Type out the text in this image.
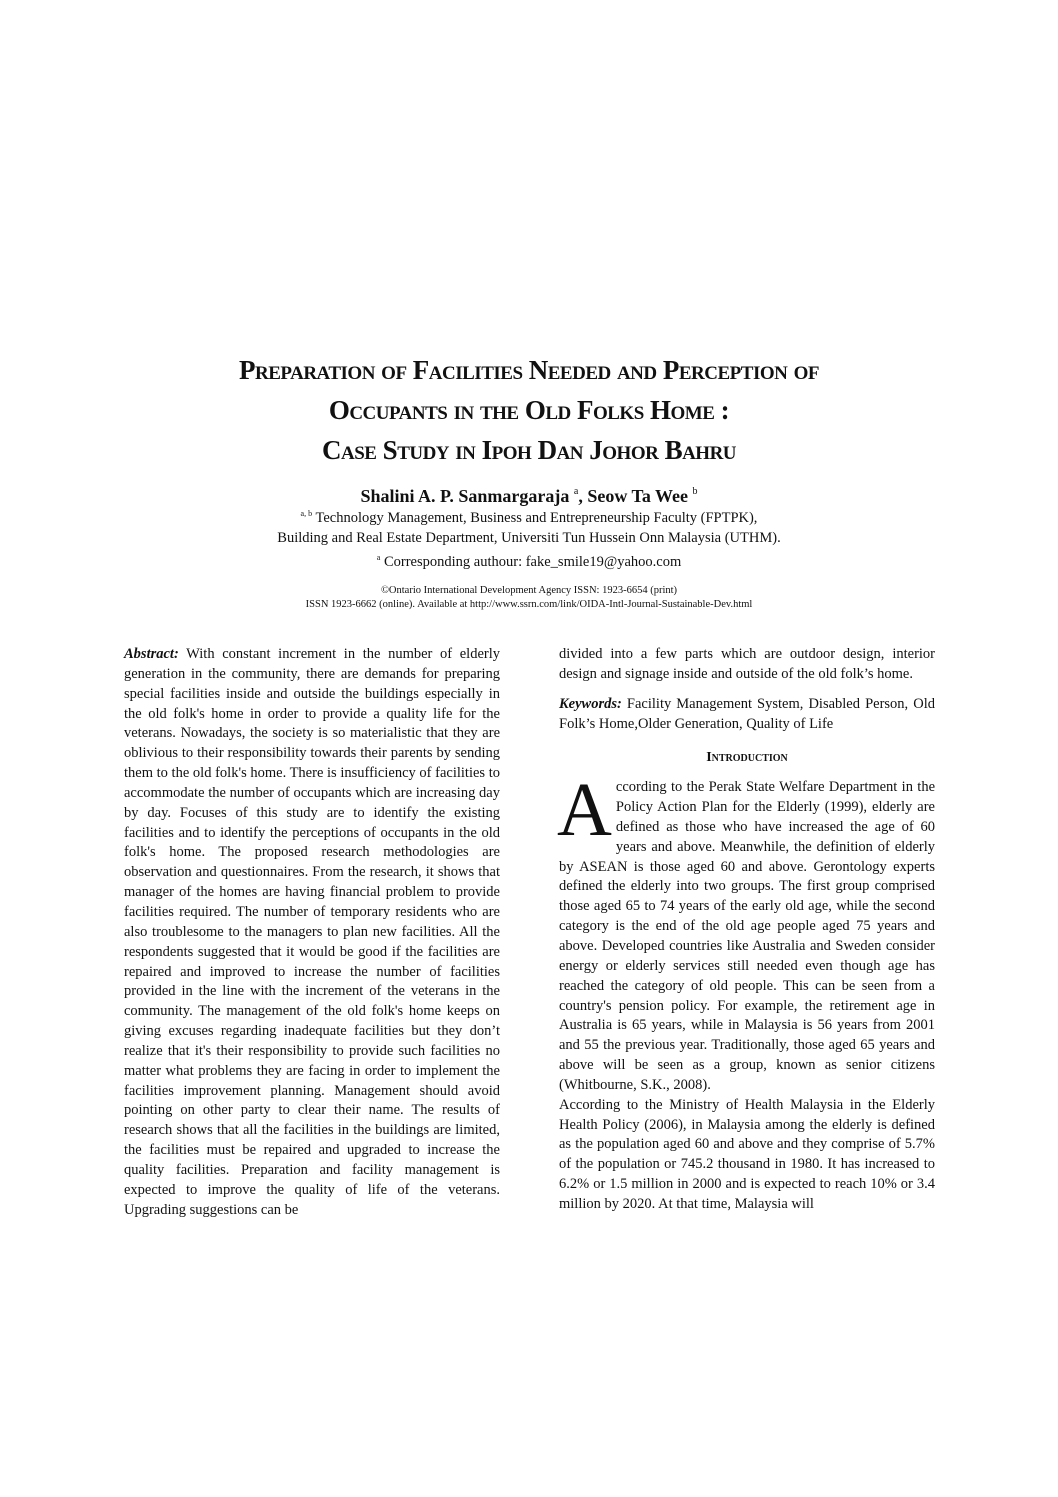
Preparation of Facilities Needed and Perception of
Occupants in the Old Folks Home :
Case Study in Ipoh Dan Johor Bahru
Shalini A. P. Sanmargaraja $^a$, Seow Ta Wee $^b$
$^{a, b}$ Technology Management, Business and Entrepreneurship Faculty (FPTPK),
Building and Real Estate Department, Universiti Tun Hussein Onn Malaysia (UTHM).
$^a$ Corresponding authour: fake_smile19@yahoo.com
©Ontario International Development Agency ISSN: 1923-6654 (print)
ISSN 1923-6662 (online). Available at http://www.ssrn.com/link/OIDA-Intl-Journal-Sustainable-Dev.html

Abstract: With constant increment in the number of elderly generation in the community, there are demands for preparing special facilities inside and outside the buildings especially in the old folk's home in order to provide a quality life for the veterans. Nowadays, the society is so materialistic that they are oblivious to their responsibility towards their parents by sending them to the old folk's home. There is insufficiency of facilities to accommodate the number of occupants which are increasing day by day. Focuses of this study are to identify the existing facilities and to identify the perceptions of occupants in the old folk's home. The proposed research methodologies are observation and questionnaires. From the research, it shows that manager of the homes are having financial problem to provide facilities required. The number of temporary residents who are also troublesome to the managers to plan new facilities. All the respondents suggested that it would be good if the facilities are repaired and improved to increase the number of facilities provided in the line with the increment of the veterans in the community. The management of the old folk's home keeps on giving excuses regarding inadequate facilities but they don’t realize that it's their responsibility to provide such facilities no matter what problems they are facing in order to implement the facilities improvement planning. Management should avoid pointing on other party to clear their name. The results of research shows that all the facilities in the buildings are limited, the facilities must be repaired and upgraded to increase the quality facilities. Preparation and facility management is expected to improve the quality of life of the veterans. Upgrading suggestions can be

divided into a few parts which are outdoor design, interior design and signage inside and outside of the old folk’s home.

Keywords: Facility Management System, Disabled Person, Old Folk’s Home,Older Generation, Quality of Life

Introduction

According to the Perak State Welfare Department in the Policy Action Plan for the Elderly (1999), elderly are defined as those who have increased the age of 60 years and above. Meanwhile, the definition of elderly by ASEAN is those aged 60 and above. Gerontology experts defined the elderly into two groups. The first group comprised those aged 65 to 74 years of the early old age, while the second category is the end of the old age people aged 75 years and above. Developed countries like Australia and Sweden consider energy or elderly services still needed even though age has reached the category of old people. This can be seen from a country's pension policy. For example, the retirement age in Australia is 65 years, while in Malaysia is 56 years from 2001 and 55 the previous year. Traditionally, those aged 65 years and above will be seen as a group, known as senior citizens (Whitbourne, S.K., 2008).

According to the Ministry of Health Malaysia in the Elderly Health Policy (2006), in Malaysia among the elderly is defined as the population aged 60 and above and they comprise of 5.7% of the population or 745.2 thousand in 1980. It has increased to 6.2% or 1.5 million in 2000 and is expected to reach 10% or 3.4 million by 2020. At that time, Malaysia will
